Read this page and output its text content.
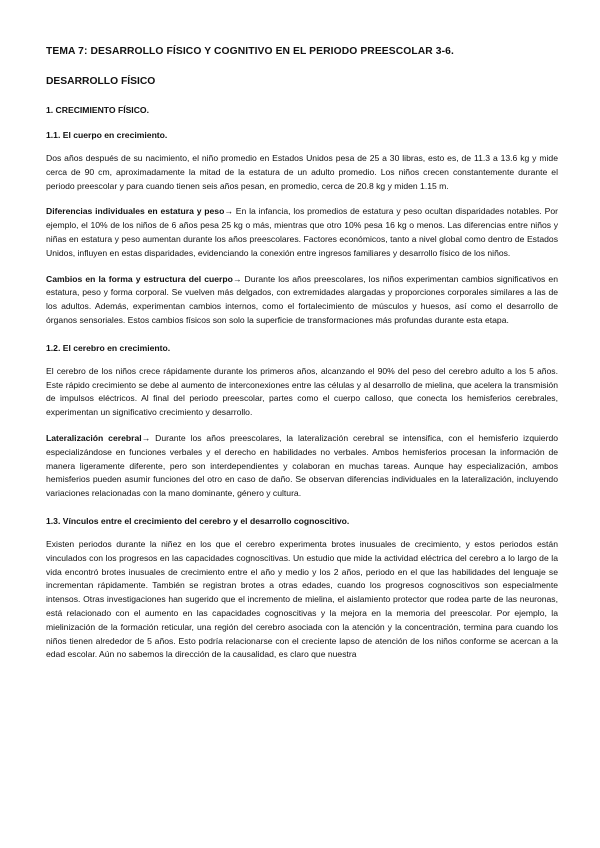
TEMA 7: DESARROLLO FÍSICO Y COGNITIVO EN EL PERIODO PREESCOLAR 3-6.
DESARROLLO FÍSICO
1. CRECIMIENTO FÍSICO.
1.1. El cuerpo en crecimiento.

Dos años después de su nacimiento, el niño promedio en Estados Unidos pesa de 25 a 30 libras, esto es, de 11.3 a 13.6 kg y mide cerca de 90 cm, aproximadamente la mitad de la estatura de un adulto promedio. Los niños crecen constantemente durante el periodo preescolar y para cuando tienen seis años pesan, en promedio, cerca de 20.8 kg y miden 1.15 m.

Diferencias individuales en estatura y peso→ En la infancia, los promedios de estatura y peso ocultan disparidades notables. Por ejemplo, el 10% de los niños de 6 años pesa 25 kg o más, mientras que otro 10% pesa 16 kg o menos. Las diferencias entre niños y niñas en estatura y peso aumentan durante los años preescolares. Factores económicos, tanto a nivel global como dentro de Estados Unidos, influyen en estas disparidades, evidenciando la conexión entre ingresos familiares y desarrollo físico de los niños.

Cambios en la forma y estructura del cuerpo→ Durante los años preescolares, los niños experimentan cambios significativos en estatura, peso y forma corporal. Se vuelven más delgados, con extremidades alargadas y proporciones corporales similares a las de los adultos. Además, experimentan cambios internos, como el fortalecimiento de músculos y huesos, así como el desarrollo de órganos sensoriales. Estos cambios físicos son solo la superficie de transformaciones más profundas durante esta etapa.

1.2. El cerebro en crecimiento.

El cerebro de los niños crece rápidamente durante los primeros años, alcanzando el 90% del peso del cerebro adulto a los 5 años. Este rápido crecimiento se debe al aumento de interconexiones entre las células y al desarrollo de mielina, que acelera la transmisión de impulsos eléctricos. Al final del periodo preescolar, partes como el cuerpo calloso, que conecta los hemisferios cerebrales, experimentan un significativo crecimiento y desarrollo.

Lateralización cerebral→ Durante los años preescolares, la lateralización cerebral se intensifica, con el hemisferio izquierdo especializándose en funciones verbales y el derecho en habilidades no verbales. Ambos hemisferios procesan la información de manera ligeramente diferente, pero son interdependientes y colaboran en muchas tareas. Aunque hay especialización, ambos hemisferios pueden asumir funciones del otro en caso de daño. Se observan diferencias individuales en la lateralización, incluyendo variaciones relacionadas con la mano dominante, género y cultura.

1.3. Vínculos entre el crecimiento del cerebro y el desarrollo cognoscitivo.

Existen periodos durante la niñez en los que el cerebro experimenta brotes inusuales de crecimiento, y estos periodos están vinculados con los progresos en las capacidades cognoscitivas. Un estudio que mide la actividad eléctrica del cerebro a lo largo de la vida encontró brotes inusuales de crecimiento entre el año y medio y los 2 años, periodo en el que las habilidades del lenguaje se incrementan rápidamente. También se registran brotes a otras edades, cuando los progresos cognoscitivos son especialmente intensos. Otras investigaciones han sugerido que el incremento de mielina, el aislamiento protector que rodea parte de las neuronas, está relacionado con el aumento en las capacidades cognoscitivas y la mejora en la memoria del preescolar. Por ejemplo, la mielinización de la formación reticular, una región del cerebro asociada con la atención y la concentración, termina para cuando los niños tienen alrededor de 5 años. Esto podría relacionarse con el creciente lapso de atención de los niños conforme se acercan a la edad escolar. Aún no sabemos la dirección de la causalidad, es claro que nuestra
